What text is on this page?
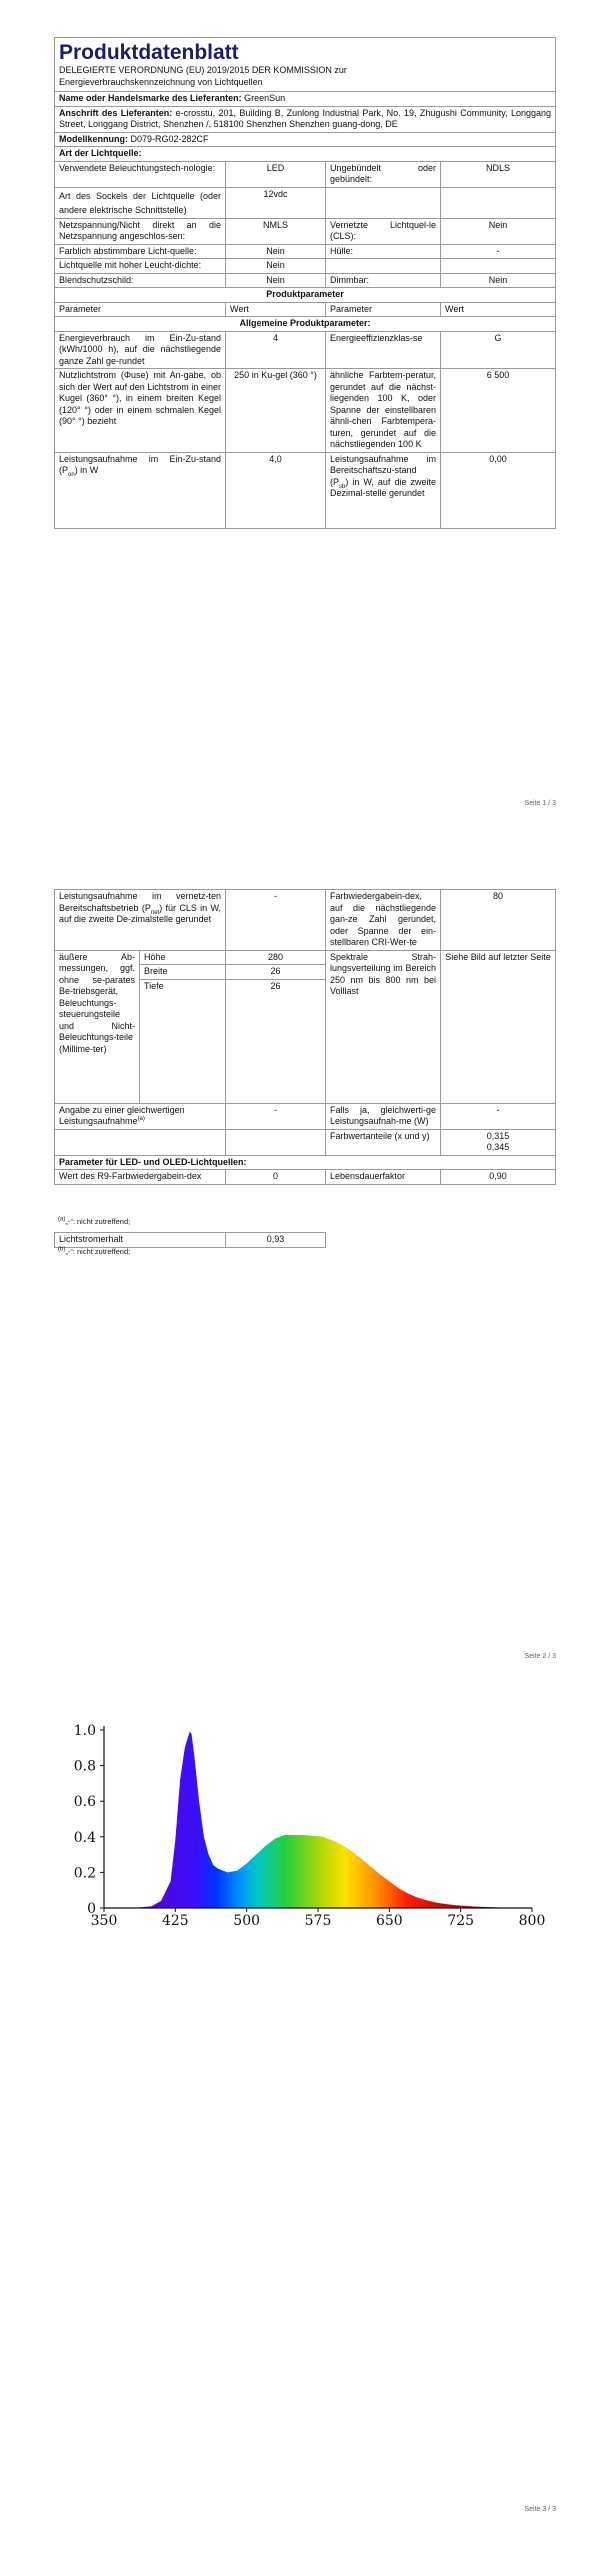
Produktdatenblatt
DELEGIERTE VERORDNUNG (EU) 2019/2015 DER KOMMISSION zur
Energieverbrauchskennzeichnung von Lichtquellen			

Name oder Handelsmarke des Lieferanten: GreenSun			
Anschrift des Lieferanten: e-crosstu, 201, Building B, Zunlong Industrial Park, No. 19, Zhugushi Community, Longgang Street, Longgang District, Shenzhen /, 518100 Shenzhen Shenzhen guang-dong, DE			
Modellkennung: D079-RG02-282CF			
Art der Lichtquelle:			
Verwendete Beleuchtungstech-nologie:	LED	Ungebündelt oder gebündelt:	NDLS
Art des Sockels der Lichtquelle (oder andere elektrische Schnittstelle)	12vdc		
Netzspannung/Nicht direkt an die Netzspannung angeschlos-sen:	NMLS	Vernetzte Lichtquel-le (CLS):	Nein
Farblich abstimmbare Licht-quelle:	Nein	Hülle:	-
Lichtquelle mit hoher Leucht-dichte:	Nein		
Blendschutzschild:	Nein	Dimmbar:	Nein
Produktparameter			
Parameter	Wert	Parameter	Wert
Allgemeine Produktparameter:			
Energieverbrauch im Ein-Zu-stand (kWh/1000 h), auf die nächstliegende ganze Zahl ge-rundet	4	Energieeffizienzklas-se	G
Nutzlichtstrom (Φuse) mit An-gabe, ob sich der Wert auf den Lichtstrom in einer Kugel (360° °), in einem breiten Kegel (120° °) oder in einem schmalen Kegel (90° °) bezieht	250 in Ku-gel (360 °)	ähnliche Farbtem-peratur, gerundet auf die nächst-liegenden 100 K, oder Spanne der einstellbaren ähnli-chen Farbtempera-turen, gerundet auf die nächstliegenden 100 K	6 500
Leistungsaufnahme im Ein-Zu-stand $(P_{on})$ in W	4,0	Leistungsaufnahme im Bereitschaftszu-stand $(P_{sb})$ in W, auf die zweite Dezimal-stelle gerundet	0,00
Seite 1 / 3
Leistungsaufnahme im vernetz-ten Bereitschaftsbetrieb $(P_{net})$ für CLS in W, auf die zweite De-zimalstelle gerundet		-	Farbwiedergabein-dex, auf die nächstliegende gan-ze Zahl gerundet, oder Spanne der ein-stellbaren CRI-Wer-te	80
äußere Ab-messungen, ggf. ohne se-parates Be-triebsgerät, Beleuchtungs-steuerungsteile und Nicht-Beleuchtungs-teile (Millime-ter)	Höhe	280	Spektrale Strah-lungsverteilung im Bereich 250 nm bis 800 nm bei Volllast	Siehe Bild auf letzter Seite
	Breite	26		
	Tiefe	26		
Angabe zu einer gleichwertigen Leistungsaufnahme$^{(a)}$		-	Falls ja, gleichwerti-ge Leistungsaufnah-me (W)	-
			Farbwertanteile (x und y)	0,315
0,345

Parameter für LED- und OLED-Lichtquellen:				
Wert des R9-Farbwiedergabein-dex		0	Lebensdauerfaktor	0,90
$^{(a)}$„-“: nicht zutreffend;

Lichtstromerhalt	0,93
$^{(b)}$„-“: nicht zutreffend;
Seite 2 / 3
Seite 3 / 3
350	425	500	575	650	725	800
0
0.2
0.4
0.6
0.8
1.0
